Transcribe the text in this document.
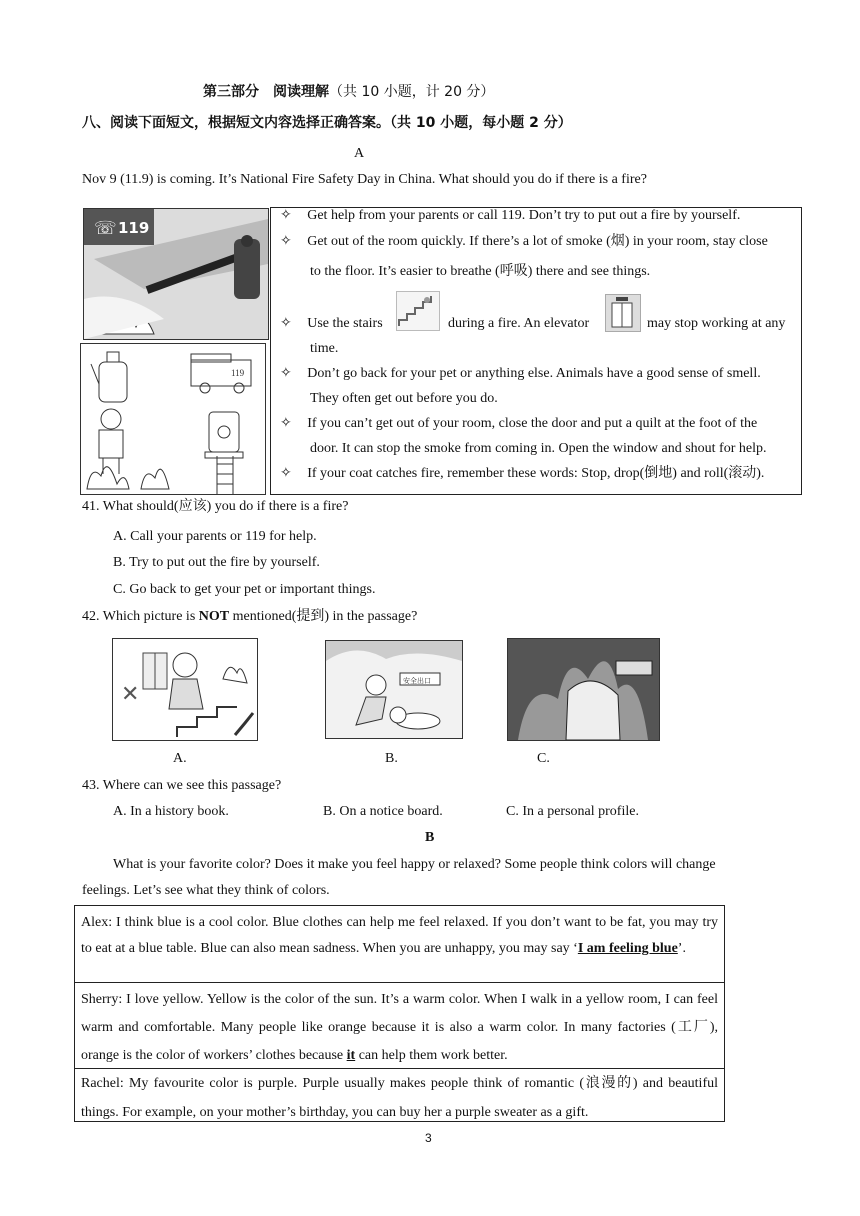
第三部分　阅读理解（共 10 小题，计 20 分）
八、阅读下面短文，根据短文内容选择正确答案。（共 10 小题，每小题 2 分）
A
Nov 9 (11.9) is coming. It’s National Fire Safety Day in China. What should you do if there is a fire?
☏ 119
119
✧ Get help from your parents or call 119. Don’t try to put out a fire by yourself.
✧ Get out of the room quickly. If there’s a lot of smoke (烟) in your room, stay close
to the floor. It’s easier to breathe (呼吸) there and see things.
✧ Use the stairs	during a fire. An elevator	may stop working at any
time.
✧ Don’t go back for your pet or anything else. Animals have a good sense of smell.
They often get out before you do.
✧ If you can’t get out of your room, close the door and put a quilt at the foot of the
door. It can stop the smoke from coming in. Open the window and shout for help.
✧ If your coat catches fire, remember these words: Stop, drop(倒地) and roll(滚动).
41. What should(应该) you do if there is a fire?
A. Call your parents or 119 for help.
B. Try to put out the fire by yourself.
C. Go back to get your pet or important things.
42. Which picture is NOT mentioned(提到) in the passage?
✕
安全出口
A.	B.	C.
43. Where can we see this passage?
A. In a history book.	B. On a notice board.	C. In a personal profile.
B
What is your favorite color? Does it make you feel happy or relaxed? Some people think colors will change
feelings. Let’s see what they think of colors.
Alex: I think blue is a cool color. Blue clothes can help me feel relaxed. If you don’t want to be fat, you may try to eat at a blue table. Blue can also mean sadness. When you are unhappy, you may say ‘I am feeling blue’.
Sherry: I love yellow. Yellow is the color of the sun. It’s a warm color. When I walk in a yellow room, I can feel warm and comfortable. Many people like orange because it is also a warm color. In many factories (工厂), orange is the color of workers’ clothes because it can help them work better.
Rachel: My favourite color is purple. Purple usually makes people think of romantic (浪漫的) and beautiful things. For example, on your mother’s birthday, you can buy her a purple sweater as a gift.
3
